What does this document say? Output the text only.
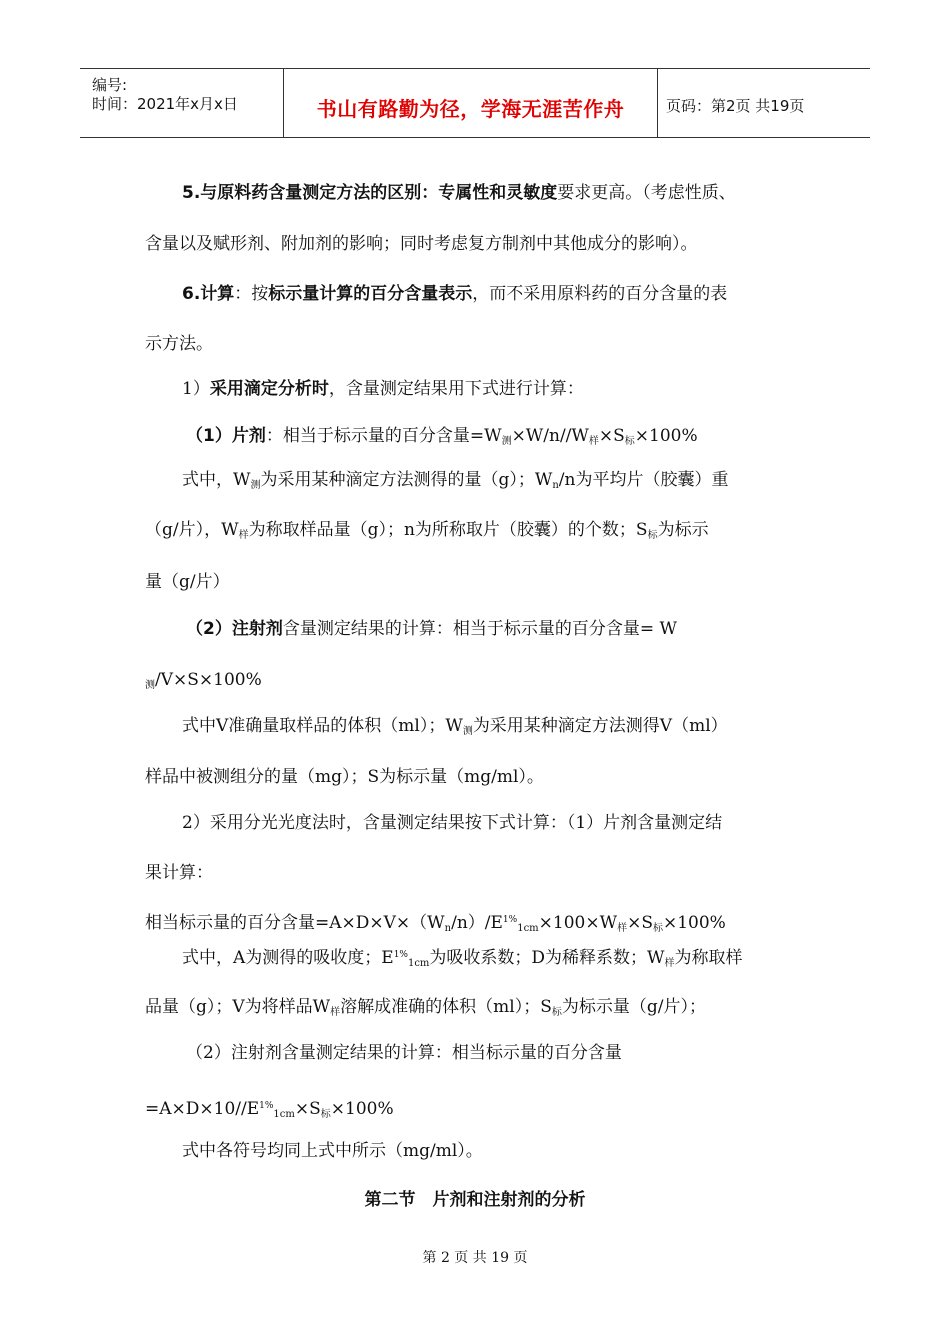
编号:
时间：2021年x月x日	书山有路勤为径，学海无涯苦作舟	页码：第2页 共19页
5.与原料药含量测定方法的区别：专属性和灵敏度要求更高。（考虑性质、
含量以及赋形剂、附加剂的影响；同时考虑复方制剂中其他成分的影响）。
6.计算：按标示量计算的百分含量表示，而不采用原料药的百分含量的表
示方法。
1）采用滴定分析时，含量测定结果用下式进行计算：
（1）片剂：相当于标示量的百分含量$=W_测\times W/n//W_样\times S_标\times 100\%$
式中，$W_测$为采用某种滴定方法测得的量（g）；$W_n/n$为平均片（胶囊）重
（g/片），$W_样$为称取样品量（g）；n为所称取片（胶囊）的个数；$S_标$为标示
量（g/片）
（2）注射剂含量测定结果的计算：相当于标示量的百分含量= W
$_测$/V×S×100%
式中V准确量取样品的体积（ml）；$W_测$为采用某种滴定方法测得V（ml）
样品中被测组分的量（mg）；S为标示量（mg/ml）。
2）采用分光光度法时，含量测定结果按下式计算：（1）片剂含量测定结
果计算：
相当标示量的百分含量$=A\times D\times V\times(W_n/n)/E^{1\%}_{1cm}\times 100\times W_样\times S_标\times 100\%$
式中，A为测得的吸收度；$E^{1\%}_{1cm}$为吸收系数；D为稀释系数；$W_样$为称取样
品量（g）；V为将样品$W_样$溶解成准确的体积（ml）；$S_标$为标示量（g/片）；
（2）注射剂含量测定结果的计算：相当标示量的百分含量
$=A\times D\times 10//E^{1\%}_{1cm}\times S_标\times 100\%$
式中各符号均同上式中所示（mg/ml）。
第二节　片剂和注射剂的分析
第 2 页 共 19 页
